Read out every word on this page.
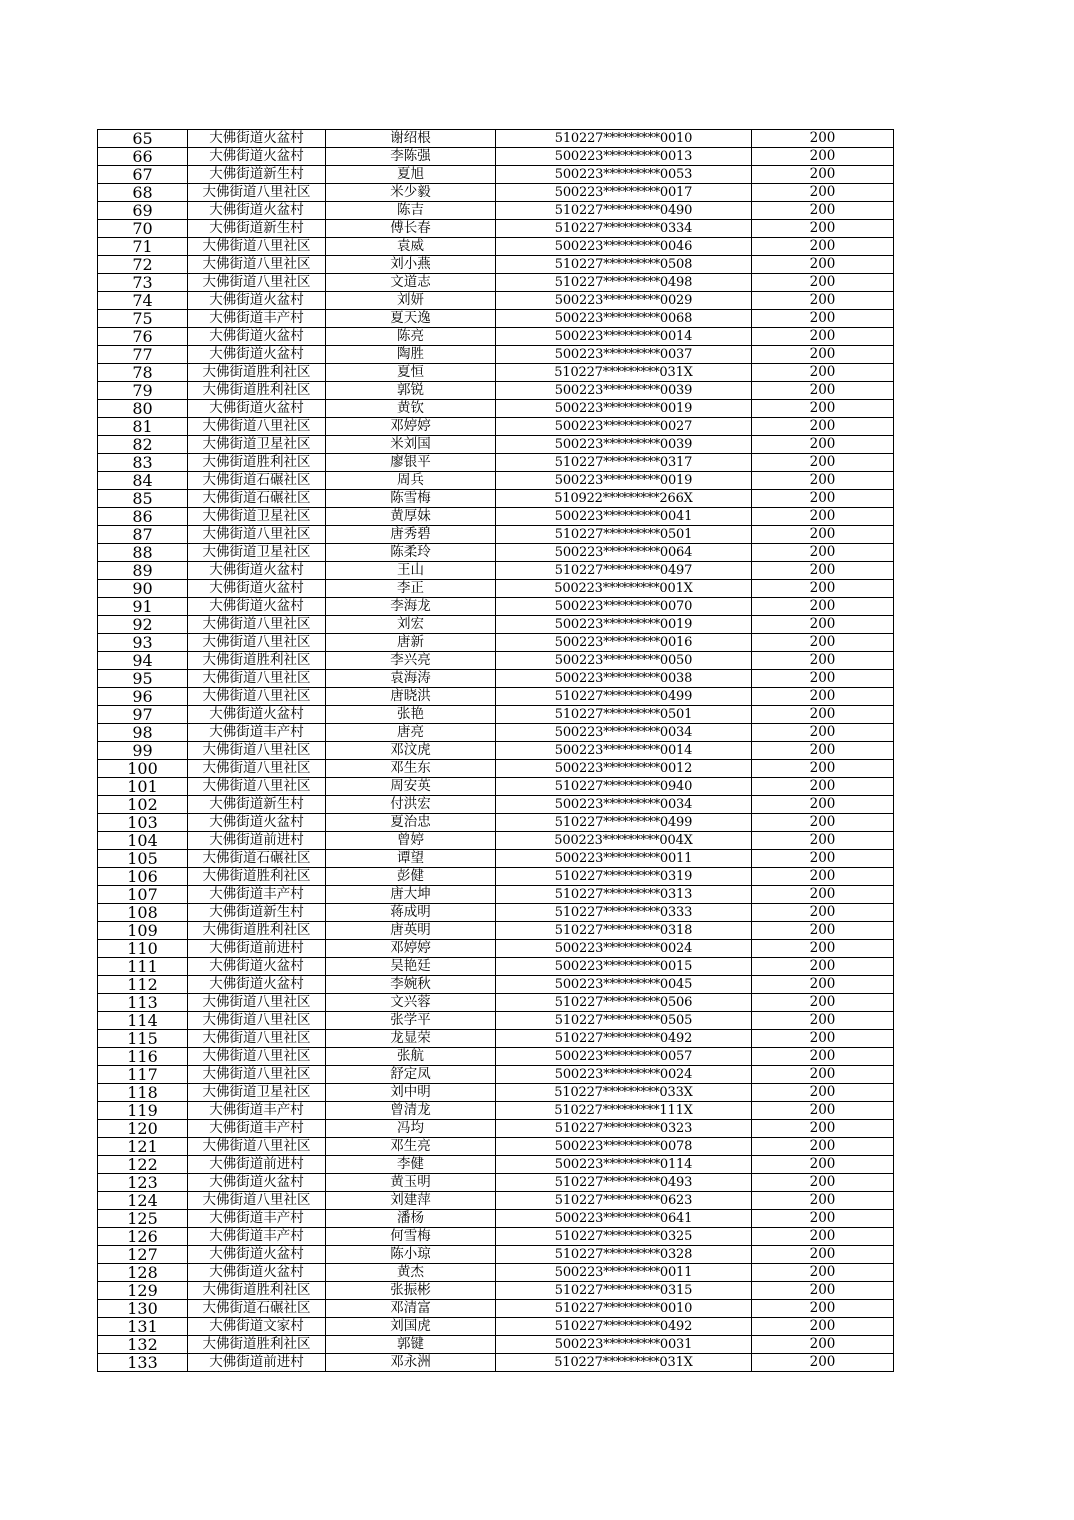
65	大佛街道火盆村	谢绍根	510227*********0010	200
66	大佛街道火盆村	李陈强	500223*********0013	200
67	大佛街道新生村	夏旭	500223*********0053	200
68	大佛街道八里社区	米少毅	500223*********0017	200
69	大佛街道火盆村	陈吉	510227*********0490	200
70	大佛街道新生村	傅长春	510227*********0334	200
71	大佛街道八里社区	袁威	500223*********0046	200
72	大佛街道八里社区	刘小燕	510227*********0508	200
73	大佛街道八里社区	文道志	510227*********0498	200
74	大佛街道火盆村	刘妍	500223*********0029	200
75	大佛街道丰产村	夏天逸	500223*********0068	200
76	大佛街道火盆村	陈亮	500223*********0014	200
77	大佛街道火盆村	陶胜	500223*********0037	200
78	大佛街道胜利社区	夏恒	510227*********031X	200
79	大佛街道胜利社区	郭锐	500223*********0039	200
80	大佛街道火盆村	黄钦	500223*********0019	200
81	大佛街道八里社区	邓婷婷	500223*********0027	200
82	大佛街道卫星社区	米刘国	500223*********0039	200
83	大佛街道胜利社区	廖银平	510227*********0317	200
84	大佛街道石碾社区	周兵	500223*********0019	200
85	大佛街道石碾社区	陈雪梅	510922*********266X	200
86	大佛街道卫星社区	黄厚妹	500223*********0041	200
87	大佛街道八里社区	唐秀碧	510227*********0501	200
88	大佛街道卫星社区	陈柔玲	500223*********0064	200
89	大佛街道火盆村	王山	510227*********0497	200
90	大佛街道火盆村	李正	500223*********001X	200
91	大佛街道火盆村	李海龙	500223*********0070	200
92	大佛街道八里社区	刘宏	500223*********0019	200
93	大佛街道八里社区	唐新	500223*********0016	200
94	大佛街道胜利社区	李兴亮	500223*********0050	200
95	大佛街道八里社区	袁海涛	500223*********0038	200
96	大佛街道八里社区	唐晓洪	510227*********0499	200
97	大佛街道火盆村	张艳	510227*********0501	200
98	大佛街道丰产村	唐亮	500223*********0034	200
99	大佛街道八里社区	邓汶虎	500223*********0014	200
100	大佛街道八里社区	邓生东	500223*********0012	200
101	大佛街道八里社区	周安英	510227*********0940	200
102	大佛街道新生村	付洪宏	500223*********0034	200
103	大佛街道火盆村	夏治忠	510227*********0499	200
104	大佛街道前进村	曾婷	500223*********004X	200
105	大佛街道石碾社区	谭望	500223*********0011	200
106	大佛街道胜利社区	彭健	510227*********0319	200
107	大佛街道丰产村	唐大坤	510227*********0313	200
108	大佛街道新生村	蒋成明	510227*********0333	200
109	大佛街道胜利社区	唐英明	510227*********0318	200
110	大佛街道前进村	邓婷婷	500223*********0024	200
111	大佛街道火盆村	吴艳廷	500223*********0015	200
112	大佛街道火盆村	李婉秋	500223*********0045	200
113	大佛街道八里社区	文兴蓉	510227*********0506	200
114	大佛街道八里社区	张学平	510227*********0505	200
115	大佛街道八里社区	龙显荣	510227*********0492	200
116	大佛街道八里社区	张航	500223*********0057	200
117	大佛街道八里社区	舒定凤	500223*********0024	200
118	大佛街道卫星社区	刘中明	510227*********033X	200
119	大佛街道丰产村	曾清龙	510227*********111X	200
120	大佛街道丰产村	冯均	510227*********0323	200
121	大佛街道八里社区	邓生亮	500223*********0078	200
122	大佛街道前进村	李健	500223*********0114	200
123	大佛街道火盆村	黄玉明	510227*********0493	200
124	大佛街道八里社区	刘建萍	510227*********0623	200
125	大佛街道丰产村	潘杨	500223*********0641	200
126	大佛街道丰产村	何雪梅	510227*********0325	200
127	大佛街道火盆村	陈小琼	510227*********0328	200
128	大佛街道火盆村	黄杰	500223*********0011	200
129	大佛街道胜利社区	张振彬	510227*********0315	200
130	大佛街道石碾社区	邓清富	510227*********0010	200
131	大佛街道文家村	刘国虎	510227*********0492	200
132	大佛街道胜利社区	郭键	500223*********0031	200
133	大佛街道前进村	邓永洲	510227*********031X	200
